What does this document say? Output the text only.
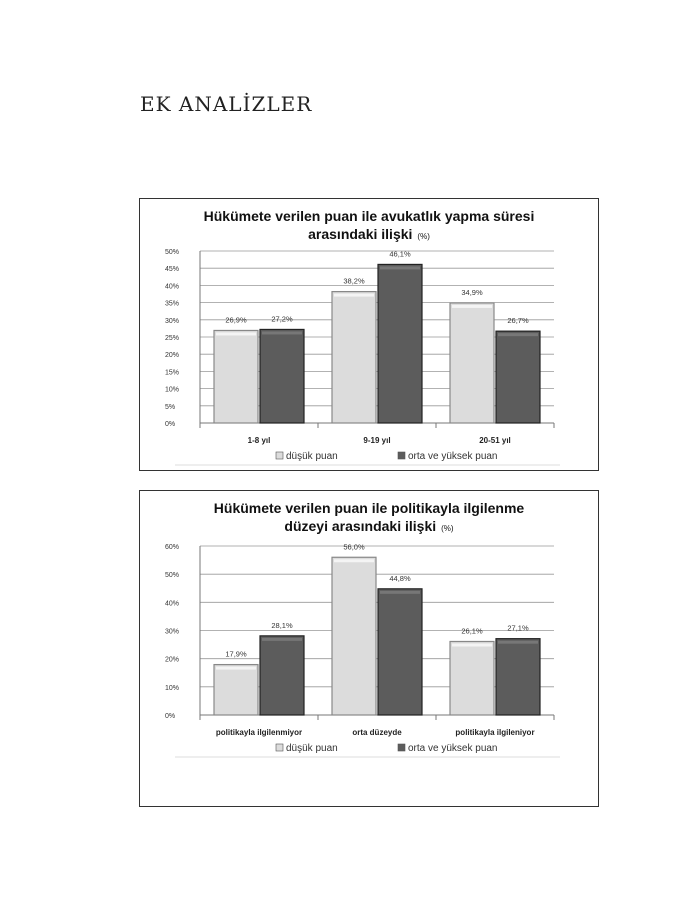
EK ANALİZLER
Hükümete verilen puan ile avukatlık yapma süresi
arasındaki ilişki (%)
0%
5%
10%
15%
20%
25%
30%
35%
40%
45%
50%
1-8 yıl
26,9%	27,2%
9-19 yıl
38,2%
46,1%
20-51 yıl
34,9%
26,7%
düşük puan	orta ve yüksek puan
Hükümete verilen puan ile politikayla ilgilenme
düzeyi arasındaki ilişki (%)
0%
10%
20%
30%
40%
50%
60%
politikayla ilgilenmiyor
17,9%
28,1%
orta düzeyde
56,0%
44,8%
politikayla ilgileniyor
26,1%	27,1%
düşük puan	orta ve yüksek puan
